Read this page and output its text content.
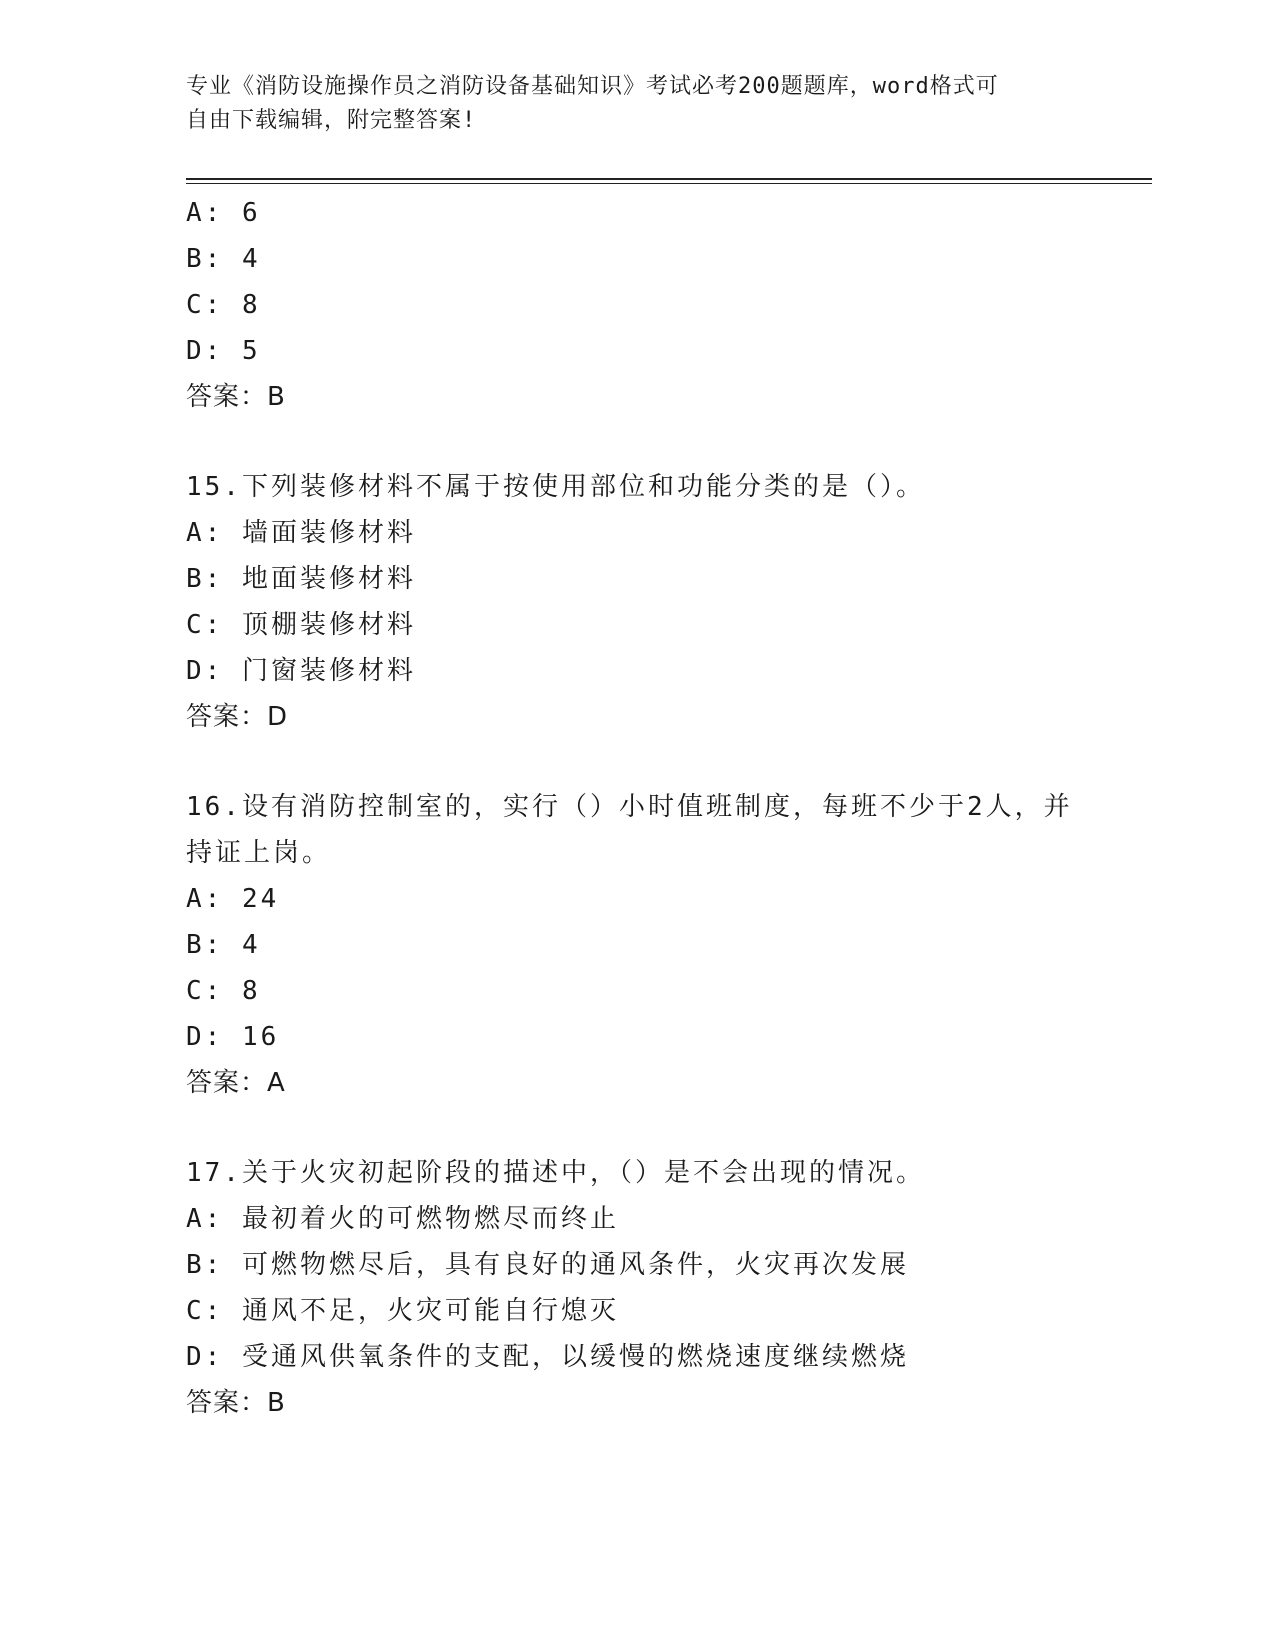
专业《消防设施操作员之消防设备基础知识》考试必考200题题库，word格式可
自由下载编辑，附完整答案!
A: 6
B: 4
C: 8
D: 5
答案：B
15.下列装修材料不属于按使用部位和功能分类的是（）。
A: 墙面装修材料
B: 地面装修材料
C: 顶棚装修材料
D: 门窗装修材料
答案：D
16.设有消防控制室的，实行（）小时值班制度，每班不少于2人，并
持证上岗。
A: 24
B: 4
C: 8
D: 16
答案：A
17.关于火灾初起阶段的描述中，（）是不会出现的情况。
A: 最初着火的可燃物燃尽而终止
B: 可燃物燃尽后，具有良好的通风条件，火灾再次发展
C: 通风不足，火灾可能自行熄灭
D: 受通风供氧条件的支配，以缓慢的燃烧速度继续燃烧
答案：B
